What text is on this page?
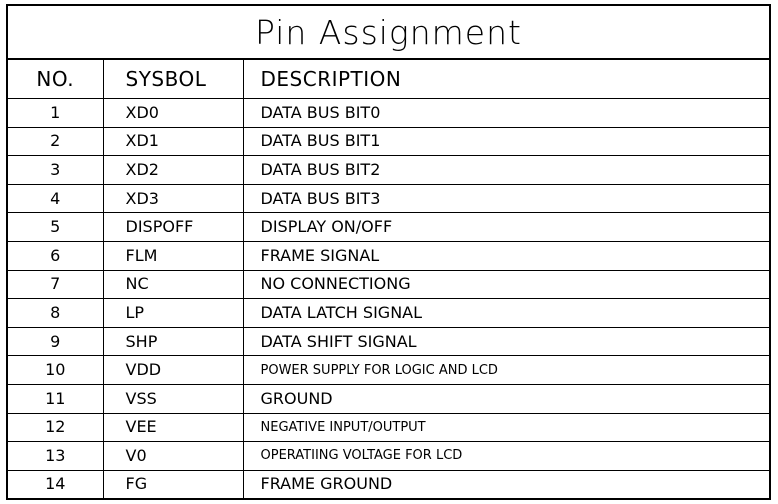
Pin Assignment
NO.	SYSBOL	DESCRIPTION
1	XD0	DATA BUS BIT0
2	XD1	DATA BUS BIT1
3	XD2	DATA BUS BIT2
4	XD3	DATA BUS BIT3
5	DISPOFF	DISPLAY ON/OFF
6	FLM	FRAME SIGNAL
7	NC	NO CONNECTIONG
8	LP	DATA LATCH SIGNAL
9	SHP	DATA SHIFT SIGNAL
10	VDD	POWER SUPPLY FOR LOGIC AND LCD
11	VSS	GROUND
12	VEE	NEGATIVE INPUT/OUTPUT
13	V0	OPERATIING VOLTAGE FOR LCD
14	FG	FRAME GROUND
